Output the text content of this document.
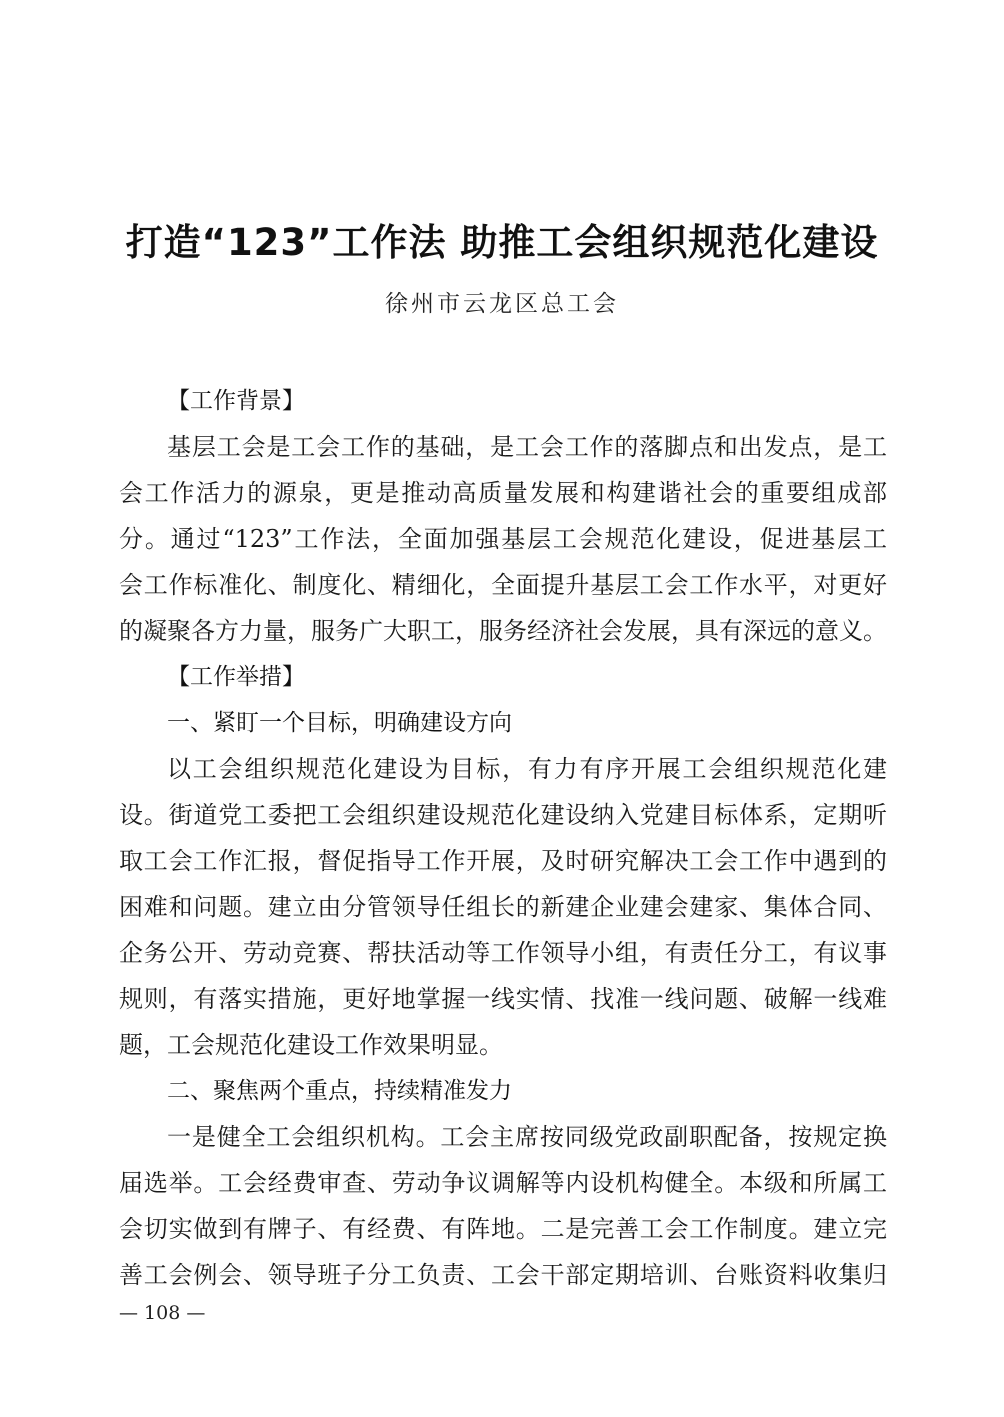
打造“123”工作法 助推工会组织规范化建设
徐州市云龙区总工会
【工作背景】
基层工会是工会工作的基础，是工会工作的落脚点和出发点，是工
会工作活力的源泉，更是推动高质量发展和构建谐社会的重要组成部
分。通过“123”工作法，全面加强基层工会规范化建设，促进基层工
会工作标准化、制度化、精细化，全面提升基层工会工作水平，对更好
的凝聚各方力量，服务广大职工，服务经济社会发展，具有深远的意义。
【工作举措】
一、紧盯一个目标，明确建设方向
以工会组织规范化建设为目标，有力有序开展工会组织规范化建
设。街道党工委把工会组织建设规范化建设纳入党建目标体系，定期听
取工会工作汇报，督促指导工作开展，及时研究解决工会工作中遇到的
困难和问题。建立由分管领导任组长的新建企业建会建家、集体合同、
企务公开、劳动竞赛、帮扶活动等工作领导小组，有责任分工，有议事
规则，有落实措施，更好地掌握一线实情、找准一线问题、破解一线难
题，工会规范化建设工作效果明显。
二、聚焦两个重点，持续精准发力
一是健全工会组织机构。工会主席按同级党政副职配备，按规定换
届选举。工会经费审查、劳动争议调解等内设机构健全。本级和所属工
会切实做到有牌子、有经费、有阵地。二是完善工会工作制度。建立完
善工会例会、领导班子分工负责、工会干部定期培训、台账资料收集归
— 108 —
